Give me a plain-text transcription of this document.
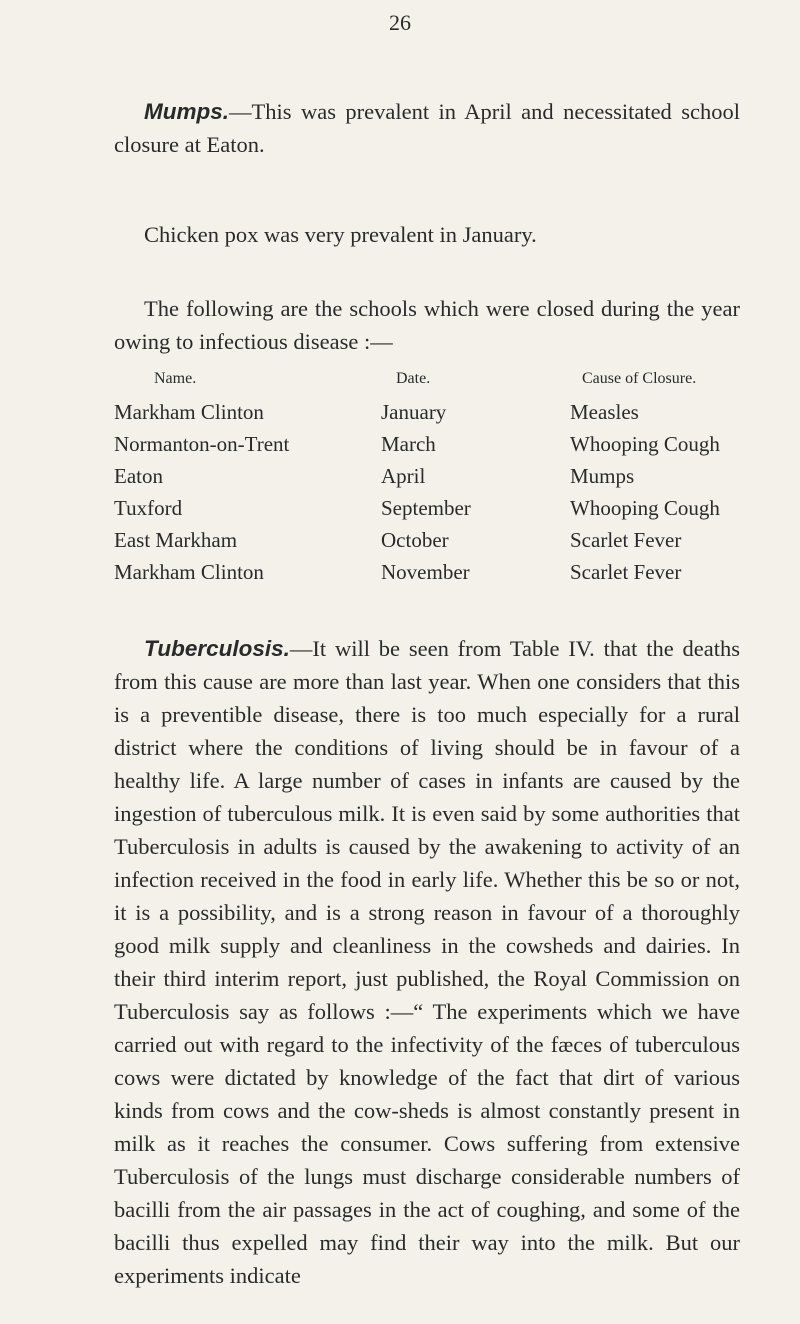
26

Mumps.—This was prevalent in April and necessitated school closure at Eaton.

Chicken pox was very prevalent in January.

The following are the schools which were closed during the year owing to infectious disease :—

Name.	Date.	Cause of Closure.
Markham Clinton	January	Measles
Normanton-on-Trent	March	Whooping Cough
Eaton	April	Mumps
Tuxford	September	Whooping Cough
East Markham	October	Scarlet Fever
Markham Clinton	November	Scarlet Fever

Tuberculosis.—It will be seen from Table IV. that the deaths from this cause are more than last year. When one considers that this is a preventible disease, there is too much especially for a rural district where the conditions of living should be in favour of a healthy life. A large number of cases in infants are caused by the ingestion of tuberculous milk. It is even said by some authorities that Tuberculosis in adults is caused by the awakening to activity of an infection received in the food in early life. Whether this be so or not, it is a possibility, and is a strong reason in favour of a thoroughly good milk supply and cleanliness in the cowsheds and dairies. In their third interim report, just published, the Royal Commission on Tuberculosis say as follows :—“ The experiments which we have carried out with regard to the infectivity of the fæces of tuberculous cows were dictated by knowledge of the fact that dirt of various kinds from cows and the cow-sheds is almost constantly present in milk as it reaches the consumer. Cows suffering from extensive Tuberculosis of the lungs must discharge considerable numbers of bacilli from the air passages in the act of coughing, and some of the bacilli thus expelled may find their way into the milk. But our experiments indicate
